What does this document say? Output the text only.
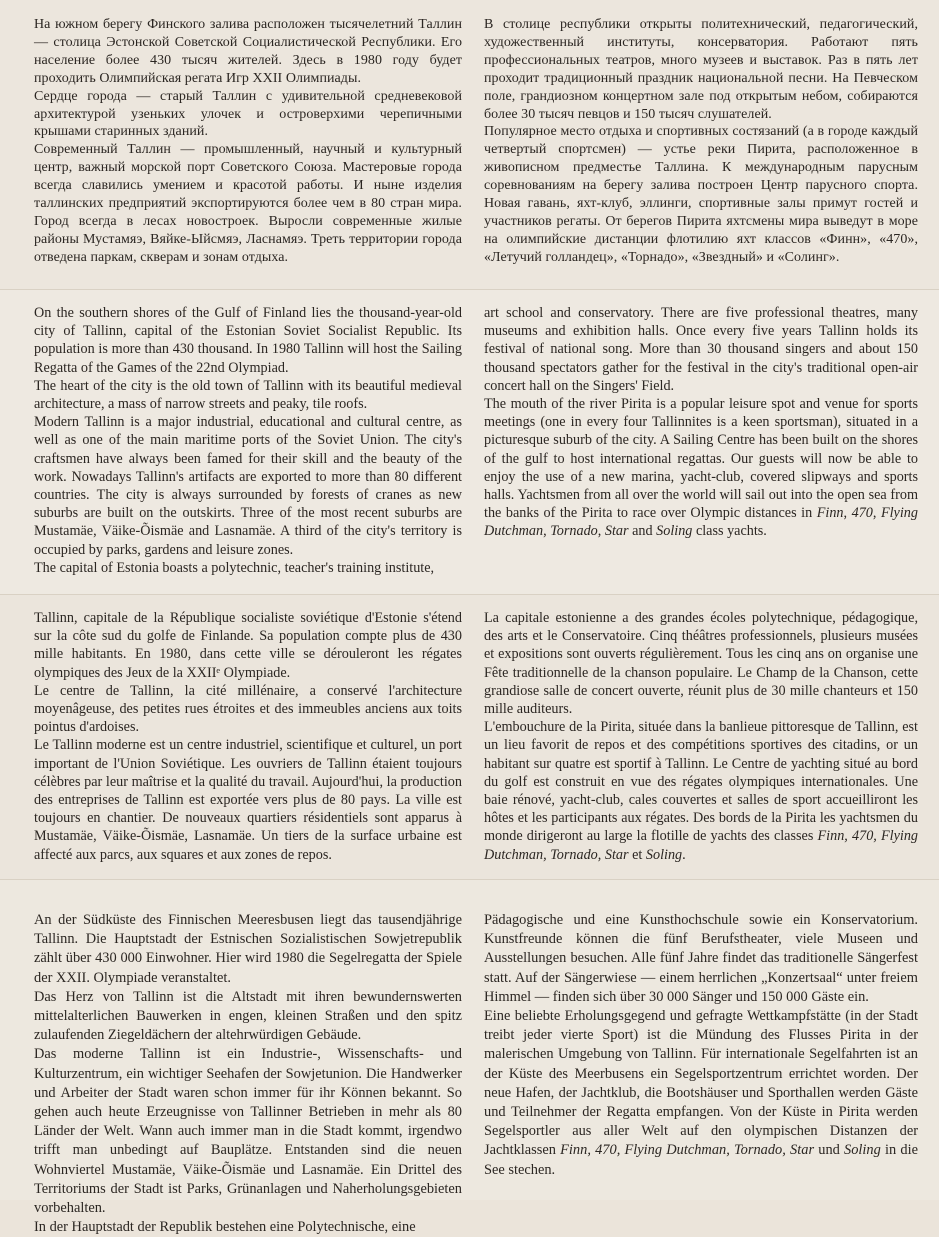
На южном берегу Финского залива расположен тысячелетний Таллин — столица Эстонской Советской Социалистической Республики. Его население более 430 тысяч жителей. Здесь в 1980 году будет проходить Олимпийская регата Игр XXII Олимпиады.

Сердце города — старый Таллин с удивительной средневековой архитектурой узеньких улочек и островерхими черепичными крышами старинных зданий.

Современный Таллин — промышленный, научный и культурный центр, важный морской порт Советского Союза. Мастеровые города всегда славились умением и красотой работы. И ныне изделия таллинских предприятий экспортируются более чем в 80 стран мира. Город всегда в лесах новостроек. Выросли современные жилые районы Мустамяэ, Вяйке-Ыйсмяэ, Ласнамяэ. Треть территории города отведена паркам, скверам и зонам отдыха.

В столице республики открыты политехнический, педагогический, художественный институты, консерватория. Работают пять профессиональных театров, много музеев и выставок. Раз в пять лет проходит традиционный праздник национальной песни. На Певческом поле, грандиозном концертном зале под открытым небом, собираются более 30 тысяч певцов и 150 тысяч слушателей.

Популярное место отдыха и спортивных состязаний (а в городе каждый четвертый спортсмен) — устье реки Пирита, расположенное в живописном предместье Таллина. К международным парусным соревнованиям на берегу залива построен Центр парусного спорта. Новая гавань, яхт-клуб, эллинги, спортивные залы примут гостей и участников регаты. От берегов Пирита яхтсмены мира выведут в море на олимпийские дистанции флотилию яхт классов «Финн», «470», «Летучий голландец», «Торнадо», «Звездный» и «Солинг».

On the southern shores of the Gulf of Finland lies the thousand-year-old city of Tallinn, capital of the Estonian Soviet Socialist Republic. Its population is more than 430 thousand. In 1980 Tallinn will host the Sailing Regatta of the Games of the 22nd Olympiad.

The heart of the city is the old town of Tallinn with its beautiful medieval architecture, a mass of narrow streets and peaky, tile roofs.

Modern Tallinn is a major industrial, educational and cultural centre, as well as one of the main maritime ports of the Soviet Union. The city's craftsmen have always been famed for their skill and the beauty of the work. Nowadays Tallinn's artifacts are exported to more than 80 different countries. The city is always surrounded by forests of cranes as new suburbs are built on the outskirts. Three of the most recent suburbs are Mustamäe, Väike-Õismäe and Lasnamäe. A third of the city's territory is occupied by parks, gardens and leisure zones.

The capital of Estonia boasts a polytechnic, teacher's training institute,

art school and conservatory. There are five professional theatres, many museums and exhibition halls. Once every five years Tallinn holds its festival of national song. More than 30 thousand singers and about 150 thousand spectators gather for the festival in the city's traditional open-air concert hall on the Singers' Field.

The mouth of the river Pirita is a popular leisure spot and venue for sports meetings (one in every four Tallinnites is a keen sportsman), situated in a picturesque suburb of the city. A Sailing Centre has been built on the shores of the gulf to host international regattas. Our guests will now be able to enjoy the use of a new marina, yacht-club, covered slipways and sports halls. Yachtsmen from all over the world will sail out into the open sea from the banks of the Pirita to race over Olympic distances in Finn, 470, Flying Dutchman, Tornado, Star and Soling class yachts.

Tallinn, capitale de la République socialiste soviétique d'Estonie s'étend sur la côte sud du golfe de Finlande. Sa population compte plus de 430 mille habitants. En 1980, dans cette ville se dérouleront les régates olympiques des Jeux de la XXIIᵉ Olympiade.

Le centre de Tallinn, la cité millénaire, a conservé l'architecture moyenâgeuse, des petites rues étroites et des immeubles anciens aux toits pointus d'ardoises.

Le Tallinn moderne est un centre industriel, scientifique et culturel, un port important de l'Union Soviétique. Les ouvriers de Tallinn étaient toujours célèbres par leur maîtrise et la qualité du travail. Aujourd'hui, la production des entreprises de Tallinn est exportée vers plus de 80 pays. La ville est toujours en chantier. De nouveaux quartiers résidentiels sont apparus à Mustamäe, Väike-Õismäe, Lasnamäe. Un tiers de la surface urbaine est affecté aux parcs, aux squares et aux zones de repos.

La capitale estonienne a des grandes écoles polytechnique, pédagogique, des arts et le Conservatoire. Cinq théâtres professionnels, plusieurs musées et expositions sont ouverts régulièrement. Tous les cinq ans on organise une Fête traditionnelle de la chanson populaire. Le Champ de la Chanson, cette grandiose salle de concert ouverte, réunit plus de 30 mille chanteurs et 150 mille auditeurs.

L'embouchure de la Pirita, située dans la banlieue pittoresque de Tallinn, est un lieu favorit de repos et des compétitions sportives des citadins, or un habitant sur quatre est sportif à Tallinn. Le Centre de yachting situé au bord du golf est construit en vue des régates olympiques internationales. Une baie rénové, yacht-club, cales couvertes et salles de sport accueilliront les hôtes et les participants aux régates. Des bords de la Pirita les yachtsmen du monde dirigeront au large la flotille de yachts des classes Finn, 470, Flying Dutchman, Tornado, Star et Soling.

An der Südküste des Finnischen Meeresbusen liegt das tausendjährige Tallinn. Die Hauptstadt der Estnischen Sozialistischen Sowjetrepublik zählt über 430 000 Einwohner. Hier wird 1980 die Segelregatta der Spiele der XXII. Olympiade veranstaltet.

Das Herz von Tallinn ist die Altstadt mit ihren bewundernswerten mittelalterlichen Bauwerken in engen, kleinen Straßen und den spitz zulaufenden Ziegeldächern der altehrwürdigen Gebäude.

Das moderne Tallinn ist ein Industrie-, Wissenschafts- und Kulturzentrum, ein wichtiger Seehafen der Sowjetunion. Die Handwerker und Arbeiter der Stadt waren schon immer für ihr Können bekannt. So gehen auch heute Erzeugnisse von Tallinner Betrieben in mehr als 80 Länder der Welt. Wann auch immer man in die Stadt kommt, irgendwo trifft man unbedingt auf Bauplätze. Entstanden sind die neuen Wohnviertel Mustamäe, Väike-Õismäe und Lasnamäe. Ein Drittel des Territoriums der Stadt ist Parks, Grünanlagen und Naherholungsgebieten vorbehalten.

In der Hauptstadt der Republik bestehen eine Polytechnische, eine

Pädagogische und eine Kunsthochschule sowie ein Konservatorium. Kunstfreunde können die fünf Berufstheater, viele Museen und Ausstellungen besuchen. Alle fünf Jahre findet das traditionelle Sängerfest statt. Auf der Sängerwiese — einem herrlichen „Konzertsaal“ unter freiem Himmel — finden sich über 30 000 Sänger und 150 000 Gäste ein.

Eine beliebte Erholungsgegend und gefragte Wettkampfstätte (in der Stadt treibt jeder vierte Sport) ist die Mündung des Flusses Pirita in der malerischen Umgebung von Tallinn. Für internationale Segelfahrten ist an der Küste des Meerbusens ein Segelsportzentrum errichtet worden. Der neue Hafen, der Jachtklub, die Bootshäuser und Sporthallen werden Gäste und Teilnehmer der Regatta empfangen. Von der Küste in Pirita werden Segelsportler aus aller Welt auf den olympischen Distanzen der Jachtklassen Finn, 470, Flying Dutchman, Tornado, Star und Soling in die See stechen.
